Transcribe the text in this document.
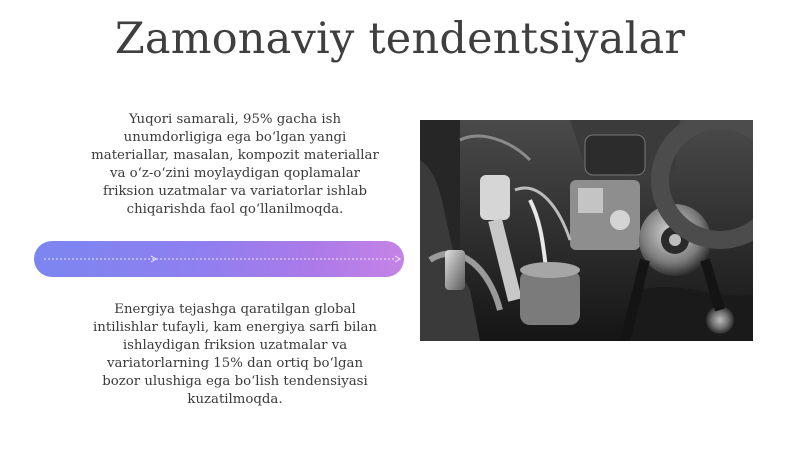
Zamonaviy tendentsiyalar
Yuqori samarali, 95% gacha ish
unumdorligiga ega bo‘lgan yangi
materiallar, masalan, kompozit materiallar
va o‘z-o‘zini moylaydigan qoplamalar
friksion uzatmalar va variatorlar ishlab
chiqarishda faol qo‘llanilmoqda.
Energiya tejashga qaratilgan global
intilishlar tufayli, kam energiya sarfi bilan
ishlaydigan friksion uzatmalar va
variatorlarning 15% dan ortiq bo‘lgan
bozor ulushiga ega bo‘lish tendensiyasi
kuzatilmoqda.
